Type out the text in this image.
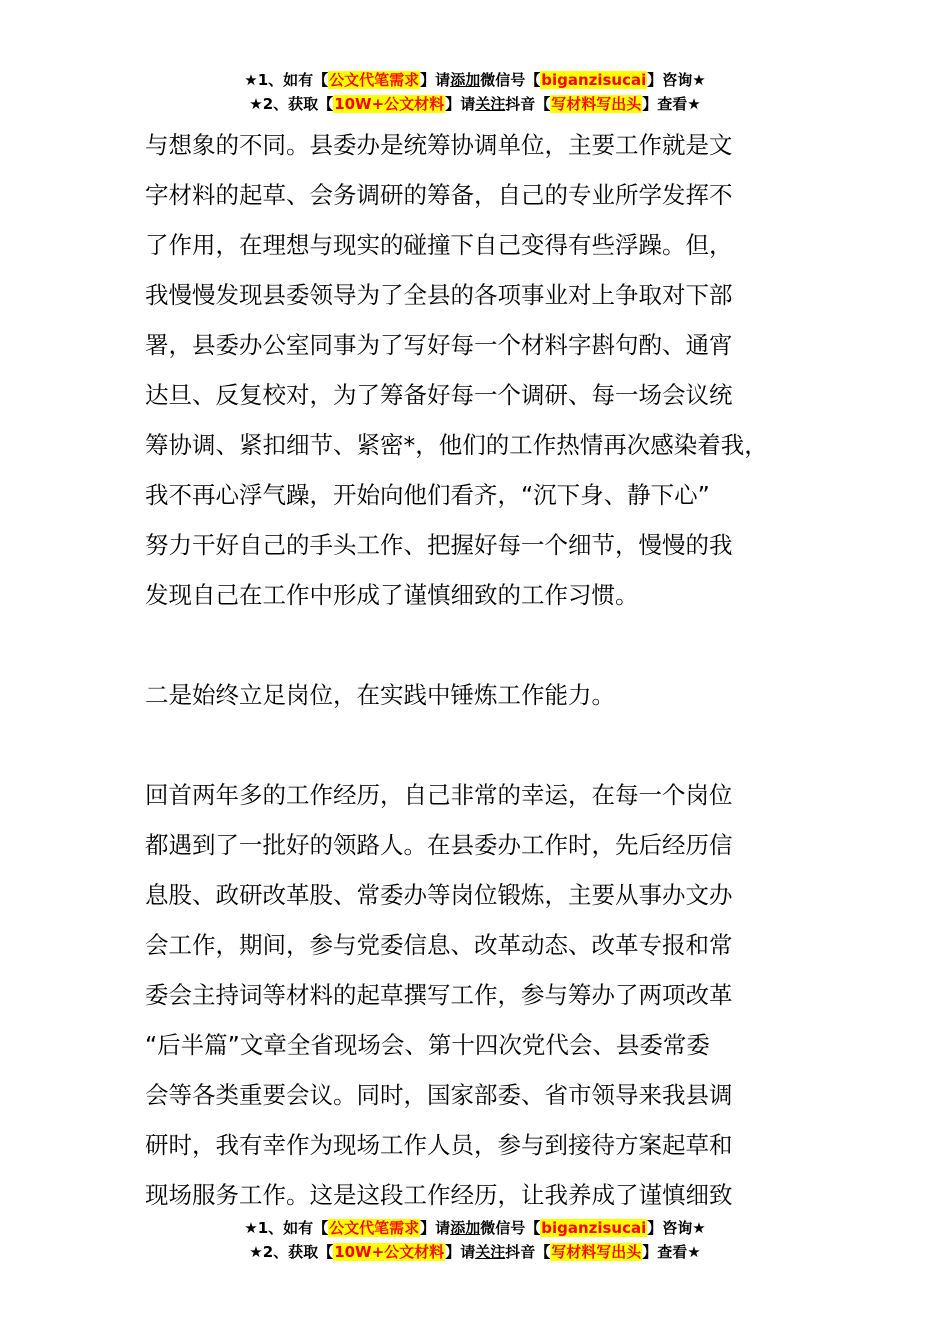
★1、如有【公文代笔需求】请添加微信号【biganzisucai】咨询★
★2、获取【10W+公文材料】请关注抖音【写材料写出头】查看★
与想象的不同。县委办是统筹协调单位，主要工作就是文
字材料的起草、会务调研的筹备，自己的专业所学发挥不
了作用，在理想与现实的碰撞下自己变得有些浮躁。但，
我慢慢发现县委领导为了全县的各项事业对上争取对下部
署，县委办公室同事为了写好每一个材料字斟句酌、通宵
达旦、反复校对，为了筹备好每一个调研、每一场会议统
筹协调、紧扣细节、紧密*，他们的工作热情再次感染着我，
我不再心浮气躁，开始向他们看齐，“沉下身、静下心”
努力干好自己的手头工作、把握好每一个细节，慢慢的我
发现自己在工作中形成了谨慎细致的工作习惯。
二是始终立足岗位，在实践中锤炼工作能力。
回首两年多的工作经历，自己非常的幸运，在每一个岗位
都遇到了一批好的领路人。在县委办工作时，先后经历信
息股、政研改革股、常委办等岗位锻炼，主要从事办文办
会工作，期间，参与党委信息、改革动态、改革专报和常
委会主持词等材料的起草撰写工作，参与筹办了两项改革
“后半篇”文章全省现场会、第十四次党代会、县委常委
会等各类重要会议。同时，国家部委、省市领导来我县调
研时，我有幸作为现场工作人员，参与到接待方案起草和
现场服务工作。这是这段工作经历，让我养成了谨慎细致
★1、如有【公文代笔需求】请添加微信号【biganzisucai】咨询★
★2、获取【10W+公文材料】请关注抖音【写材料写出头】查看★
